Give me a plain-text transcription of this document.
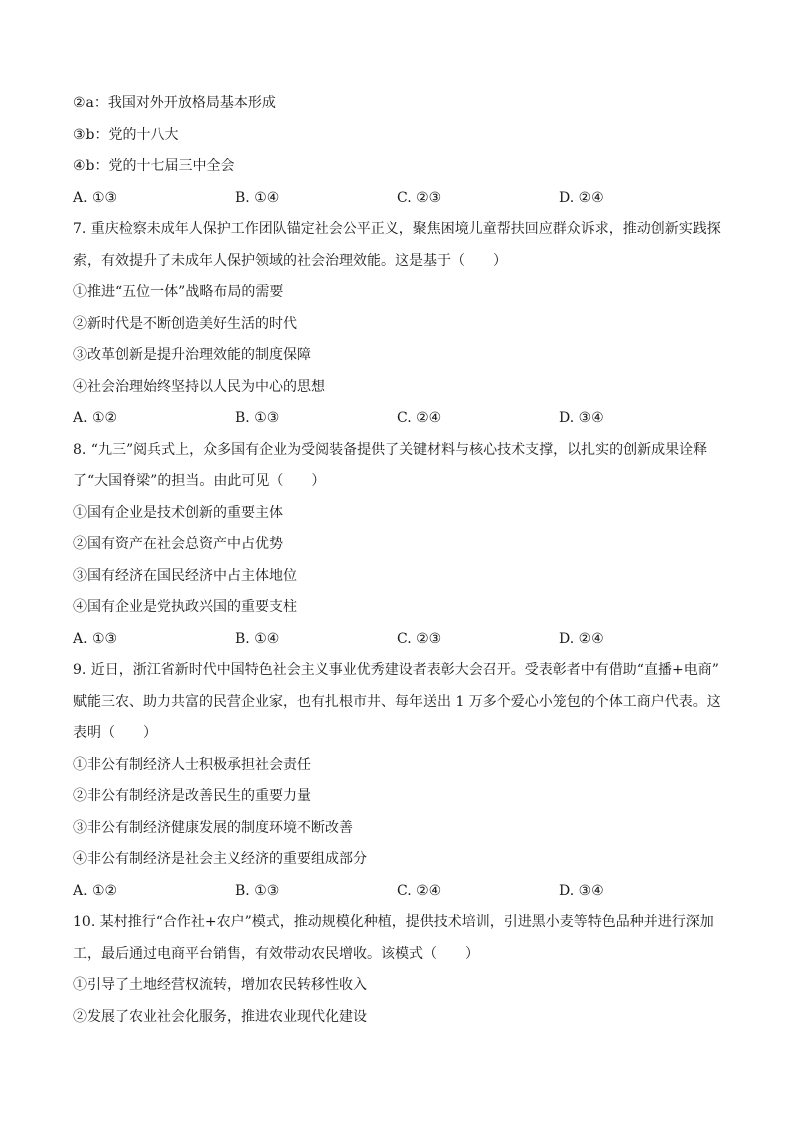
②a：我国对外开放格局基本形成
③b：党的十八大
④b：党的十七届三中全会
A. ①③	B. ①④	C. ②③	D. ②④
7. 重庆检察未成年人保护工作团队锚定社会公平正义，聚焦困境儿童帮扶回应群众诉求，推动创新实践探
索，有效提升了未成年人保护领域的社会治理效能。这是基于（　　）
①推进“五位一体”战略布局的需要
②新时代是不断创造美好生活的时代
③改革创新是提升治理效能的制度保障
④社会治理始终坚持以人民为中心的思想
A. ①②	B. ①③	C. ②④	D. ③④
8. “九三”阅兵式上，众多国有企业为受阅装备提供了关键材料与核心技术支撑，以扎实的创新成果诠释
了“大国脊梁”的担当。由此可见（　　）
①国有企业是技术创新的重要主体
②国有资产在社会总资产中占优势
③国有经济在国民经济中占主体地位
④国有企业是党执政兴国的重要支柱
A. ①③	B. ①④	C. ②③	D. ②④
9. 近日，浙江省新时代中国特色社会主义事业优秀建设者表彰大会召开。受表彰者中有借助“直播+电商”
赋能三农、助力共富的民营企业家，也有扎根市井、每年送出 1 万多个爱心小笼包的个体工商户代表。这
表明（　　）
①非公有制经济人士积极承担社会责任
②非公有制经济是改善民生的重要力量
③非公有制经济健康发展的制度环境不断改善
④非公有制经济是社会主义经济的重要组成部分
A. ①②	B. ①③	C. ②④	D. ③④
10. 某村推行“合作社+农户”模式，推动规模化种植，提供技术培训，引进黑小麦等特色品种并进行深加
工，最后通过电商平台销售，有效带动农民增收。该模式（　　）
①引导了土地经营权流转，增加农民转移性收入
②发展了农业社会化服务，推进农业现代化建设
